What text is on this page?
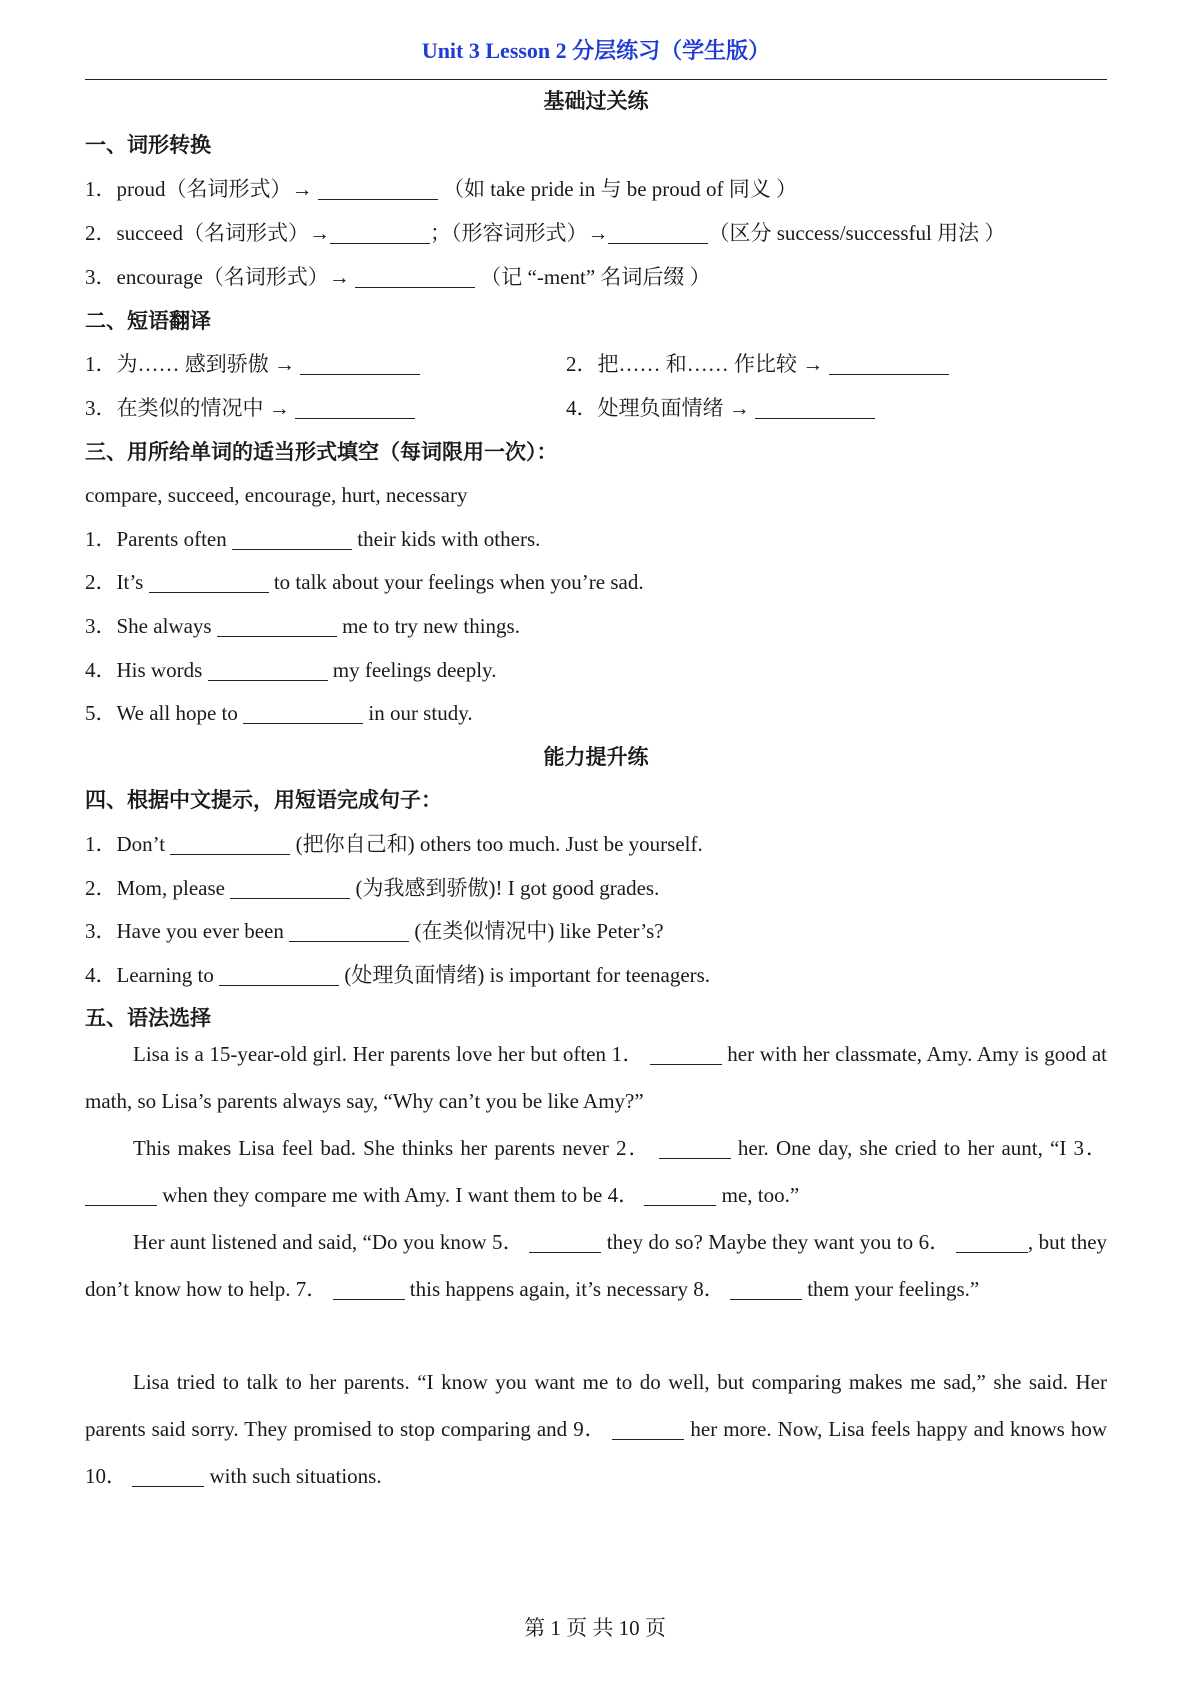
Unit 3 Lesson 2 分层练习（学生版）
基础过关练
一、词形转换
1．proud（名词形式）→	（如 take pride in 与 be proud of 同义 ）
2．succeed（名词形式）→	；（形容词形式）→	（区分 success/successful 用法 ）
3．encourage（名词形式）→	（记 “-ment” 名词后缀 ）
二、短语翻译
1．为…… 感到骄傲 →	2．把…… 和…… 作比较 →
3．在类似的情况中 →	4．处理负面情绪 →
三、用所给单词的适当形式填空（每词限用一次）：
compare, succeed, encourage, hurt, necessary
1．Parents often	their kids with others.
2．It’s	to talk about your feelings when you’re sad.
3．She always	me to try new things.
4．His words	my feelings deeply.
5．We all hope to	in our study.
能力提升练
四、根据中文提示，用短语完成句子：
1．Don’t	(把你自己和) others too much. Just be yourself.
2．Mom, please	(为我感到骄傲)! I got good grades.
3．Have you ever been	(在类似情况中) like Peter’s?
4．Learning to	(处理负面情绪) is important for teenagers.
五、语法选择
Lisa is a 15-year-old girl. Her parents love her but often 1．	her with her classmate, Amy. Amy is good at math, so Lisa’s parents always say, “Why can’t you be like Amy?”
This makes Lisa feel bad. She thinks her parents never 2．	her. One day, she cried to her aunt, “I 3．  when they compare me with Amy. I want them to be 4．	me, too.”
Her aunt listened and said, “Do you know 5．	they do so? Maybe they want you to 6．	, but they don’t know how to help. 7．	this happens again, it’s necessary 8．	them your feelings.”
Lisa tried to talk to her parents. “I know you want me to do well, but comparing makes me sad,” she said. Her parents said sorry. They promised to stop comparing and 9．	her more. Now, Lisa feels happy and knows how 10．	with such situations.
第 1 页 共 10 页
